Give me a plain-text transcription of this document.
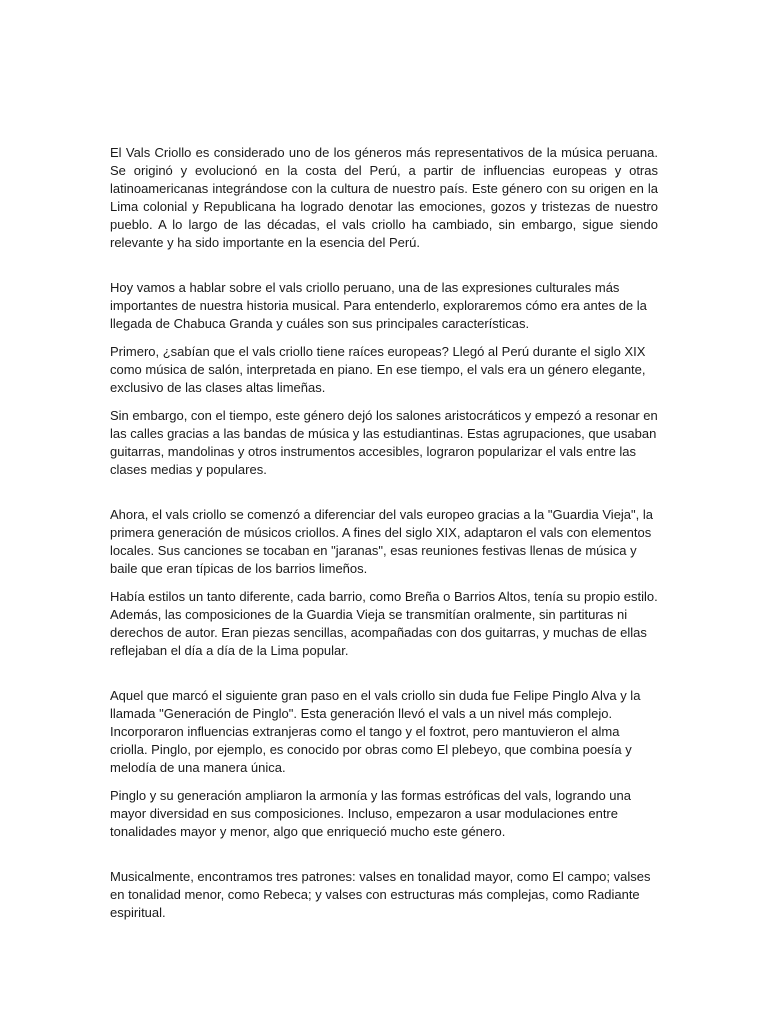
El Vals Criollo es considerado uno de los géneros más representativos de la música peruana. Se originó y evolucionó en la costa del Perú, a partir de influencias europeas y otras latinoamericanas integrándose con la cultura de nuestro país. Este género con su origen en la Lima colonial y Republicana ha logrado denotar las emociones, gozos y tristezas de nuestro pueblo. A lo largo de las décadas, el vals criollo ha cambiado, sin embargo, sigue siendo relevante y ha sido importante en la esencia del Perú.

Hoy vamos a hablar sobre el vals criollo peruano, una de las expresiones culturales más importantes de nuestra historia musical. Para entenderlo, exploraremos cómo era antes de la llegada de Chabuca Granda y cuáles son sus principales características.

Primero, ¿sabían que el vals criollo tiene raíces europeas? Llegó al Perú durante el siglo XIX como música de salón, interpretada en piano. En ese tiempo, el vals era un género elegante, exclusivo de las clases altas limeñas.

Sin embargo, con el tiempo, este género dejó los salones aristocráticos y empezó a resonar en las calles gracias a las bandas de música y las estudiantinas. Estas agrupaciones, que usaban guitarras, mandolinas y otros instrumentos accesibles, lograron popularizar el vals entre las clases medias y populares.

Ahora, el vals criollo se comenzó a diferenciar del vals europeo gracias a la "Guardia Vieja", la primera generación de músicos criollos. A fines del siglo XIX, adaptaron el vals con elementos locales. Sus canciones se tocaban en "jaranas", esas reuniones festivas llenas de música y baile que eran típicas de los barrios limeños.

Había estilos un tanto diferente, cada barrio, como Breña o Barrios Altos, tenía su propio estilo. Además, las composiciones de la Guardia Vieja se transmitían oralmente, sin partituras ni derechos de autor. Eran piezas sencillas, acompañadas con dos guitarras, y muchas de ellas reflejaban el día a día de la Lima popular.

Aquel que marcó el siguiente gran paso en el vals criollo sin duda fue Felipe Pinglo Alva y la llamada "Generación de Pinglo". Esta generación llevó el vals a un nivel más complejo. Incorporaron influencias extranjeras como el tango y el foxtrot, pero mantuvieron el alma criolla. Pinglo, por ejemplo, es conocido por obras como El plebeyo, que combina poesía y melodía de una manera única.

Pinglo y su generación ampliaron la armonía y las formas estróficas del vals, logrando una mayor diversidad en sus composiciones. Incluso, empezaron a usar modulaciones entre tonalidades mayor y menor, algo que enriqueció mucho este género.

Musicalmente, encontramos tres patrones: valses en tonalidad mayor, como El campo; valses en tonalidad menor, como Rebeca; y valses con estructuras más complejas, como Radiante espiritual.
